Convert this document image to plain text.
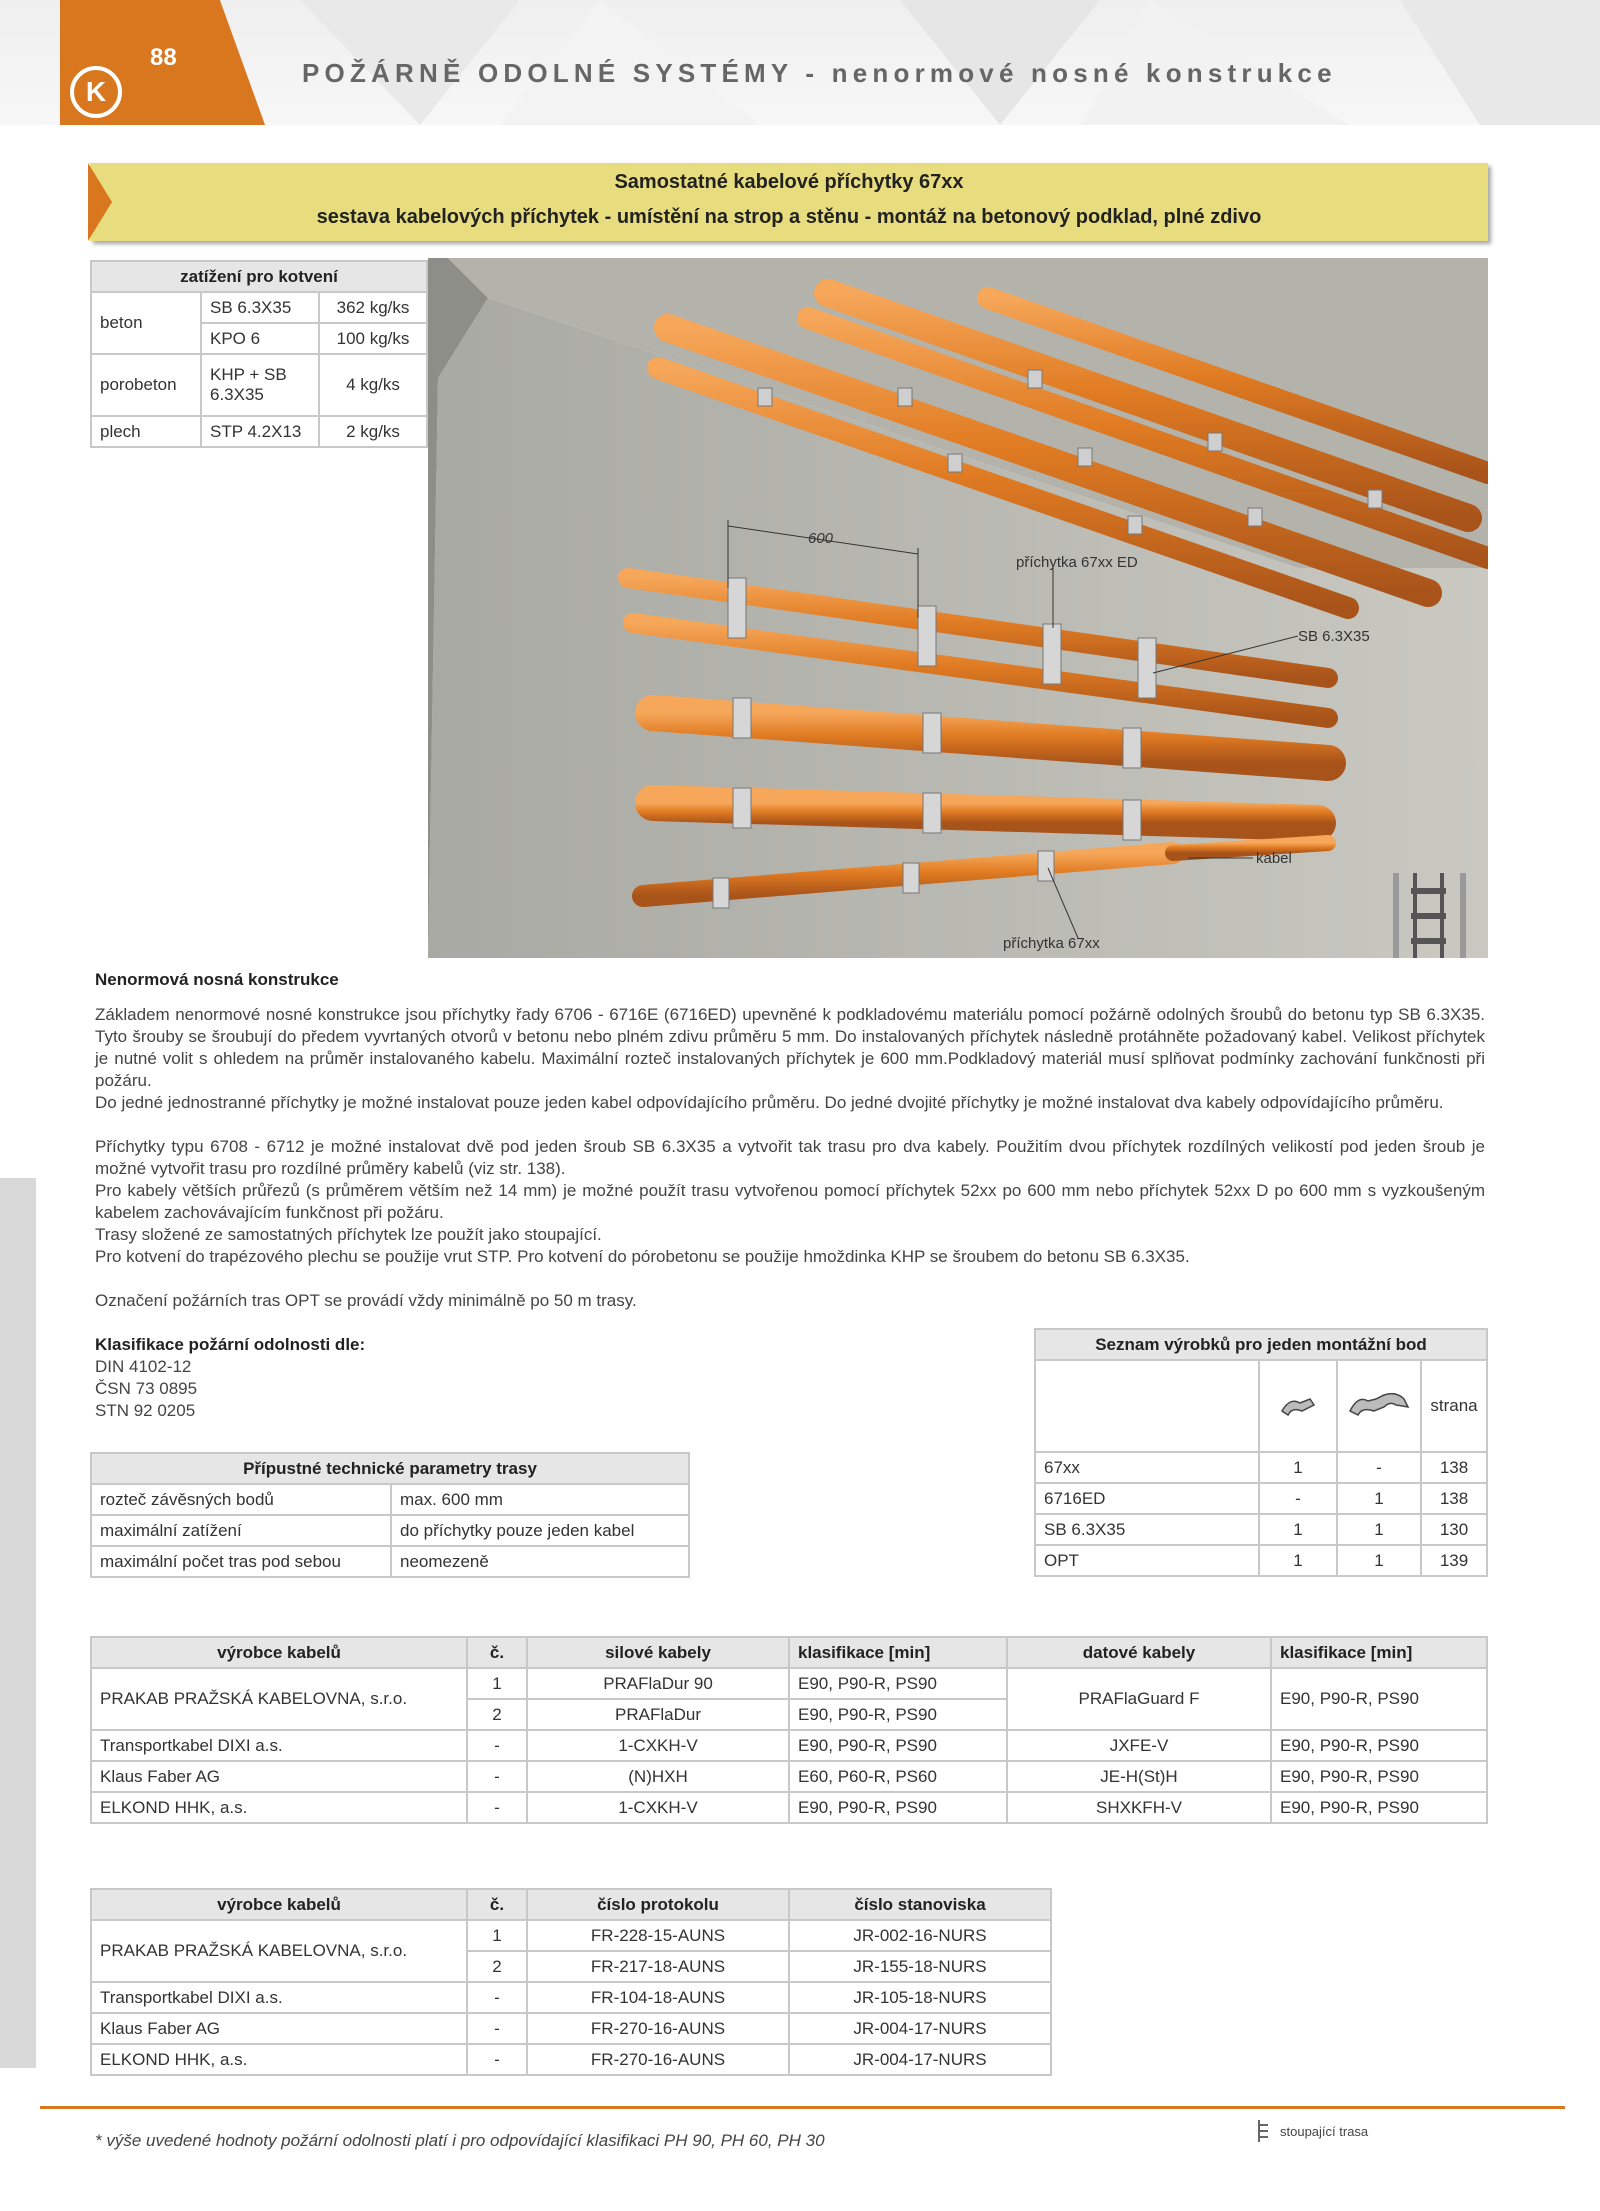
88
K
POŽÁRNĚ ODOLNÉ SYSTÉMY - nenormové nosné konstrukce
Samostatné kabelové příchytky 67xx
sestava kabelových příchytek - umístění na strop a stěnu - montáž na betonový podklad, plné zdivo
zatížení pro kotvení		
beton	SB 6.3X35	362 kg/ks
	KPO 6	100 kg/ks
porobeton	KHP + SB 6.3X35	4 kg/ks
plech	STP 4.2X13	2 kg/ks
600
příchytka 67xx ED
SB 6.3X35
kabel
příchytka 67xx
Nenormová nosná konstrukce
Základem nenormové nosné konstrukce jsou příchytky řady 6706 - 6716E (6716ED) upevněné k podkladovému materiálu pomocí požárně odolných šroubů do betonu typ SB 6.3X35. Tyto šrouby se šroubují do předem vyvrtaných otvorů v betonu nebo plném zdivu průměru 5 mm. Do instalovaných příchytek následně protáhněte požadovaný kabel. Velikost příchytek je nutné volit s ohledem na průměr instalovaného kabelu. Maximální rozteč instalovaných příchytek je 600 mm.Podkladový materiál musí splňovat podmínky zachování funkčnosti při požáru.
Do jedné jednostranné příchytky je možné instalovat pouze jeden kabel odpovídajícího průměru. Do jedné dvojité příchytky je možné instalovat dva kabely odpovídajícího průměru.
Příchytky typu 6708 - 6712 je možné instalovat dvě pod jeden šroub SB 6.3X35 a vytvořit tak trasu pro dva kabely. Použitím dvou příchytek rozdílných velikostí pod jeden šroub je možné vytvořit trasu pro rozdílné průměry kabelů (viz str. 138).
Pro kabely větších průřezů (s průměrem větším než 14 mm) je možné použít trasu vytvořenou pomocí příchytek 52xx po 600 mm nebo příchytek 52xx D po 600 mm s vyzkoušeným kabelem zachovávajícím funkčnost při požáru.
Trasy složené ze samostatných příchytek lze použít jako stoupající.
Pro kotvení do trapézového plechu se použije vrut STP. Pro kotvení do pórobetonu se použije hmoždinka KHP se šroubem do betonu SB 6.3X35.
Označení požárních tras OPT se provádí vždy minimálně po 50 m trasy.
Klasifikace požární odolnosti dle:
DIN 4102-12
ČSN 73 0895
STN 92 0205
Přípustné technické parametry trasy	
rozteč závěsných bodů	max. 600 mm
maximální zatížení	do příchytky pouze jeden kabel
maximální počet tras pod sebou	neomezeně
Seznam výrobků pro jeden montážní bod			
			strana
67xx	1	-	138
6716ED	-	1	138
SB 6.3X35	1	1	130
OPT	1	1	139
výrobce kabelů	č.	silové kabely	klasifikace [min]	datové kabely	klasifikace [min]
PRAKAB PRAŽSKÁ KABELOVNA, s.r.o.	1	PRAFlaDur 90	E90, P90-R, PS90	PRAFlaGuard F	E90, P90-R, PS90
	2	PRAFlaDur	E90, P90-R, PS90		
Transportkabel DIXI a.s.	-	1-CXKH-V	E90, P90-R, PS90	JXFE-V	E90, P90-R, PS90
Klaus Faber AG	-	(N)HXH	E60, P60-R, PS60	JE-H(St)H	E90, P90-R, PS90
ELKOND HHK, a.s.	-	1-CXKH-V	E90, P90-R, PS90	SHXKFH-V	E90, P90-R, PS90
výrobce kabelů	č.	číslo protokolu	číslo stanoviska
PRAKAB PRAŽSKÁ KABELOVNA, s.r.o.	1	FR-228-15-AUNS	JR-002-16-NURS
	2	FR-217-18-AUNS	JR-155-18-NURS
Transportkabel DIXI a.s.	-	FR-104-18-AUNS	JR-105-18-NURS
Klaus Faber AG	-	FR-270-16-AUNS	JR-004-17-NURS
ELKOND HHK, a.s.	-	FR-270-16-AUNS	JR-004-17-NURS
* výše uvedené hodnoty požární odolnosti platí i pro odpovídající klasifikaci PH 90, PH 60, PH 30	stoupající trasa
